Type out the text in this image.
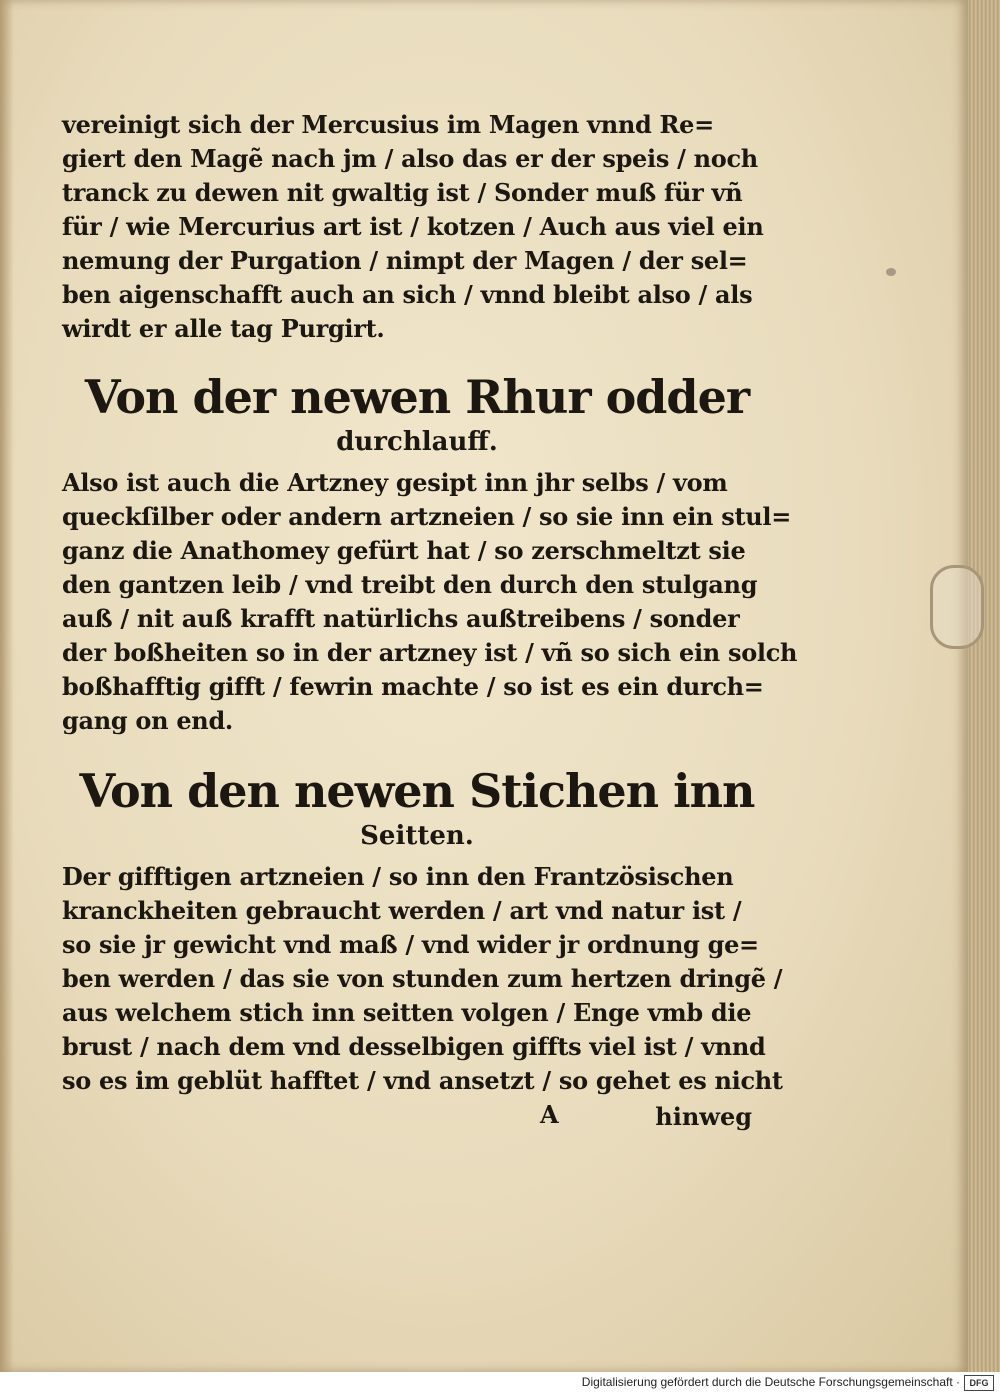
vereinigt sich der Mercusius im Magen vnnd Re=
giert den Magẽ nach jm / also das er der speis / noch
tranck zu dewen nit gwaltig ist / Sonder muß für vñ
für / wie Mercurius art ist / kotzen / Auch aus viel ein
nemung der Purgation / nimpt der Magen / der sel=
ben aigenschafft auch an sich / vnnd bleibt also / als
wirdt er alle tag Purgirt.
Von der newen Rhur odder
durchlauff.
Also ist auch die Artzney gesipt inn jhr selbs / vom
queckſilber oder andern artzneien / so sie inn ein stul=
ganz die Anathomey gefürt hat / so zerschmeltzt sie
den gantzen leib / vnd treibt den durch den stulgang
auß / nit auß krafft natürlichs außtreibens / sonder
der boßheiten so in der artzney ist / vñ so sich ein solch
boßhafftig gifft / fewrin machte / so ist es ein durch=
gang on end.
Von den newen Stichen inn
Seitten.
Der gifftigen artzneien / so inn den Frantzösischen
kranckheiten gebraucht werden / art vnd natur ist /
so sie jr gewicht vnd maß / vnd wider jr ordnung ge=
ben werden / das sie von stunden zum hertzen dringẽ /
aus welchem stich inn seitten volgen / Enge vmb die
brust / nach dem vnd desselbigen giffts viel ist / vnnd
so es im geblüt hafftet / vnd ansetzt / so gehet es nicht
A	hinweg
Digitalisierung gefördert durch die Deutsche Forschungsgemeinschaft ·	DFG
